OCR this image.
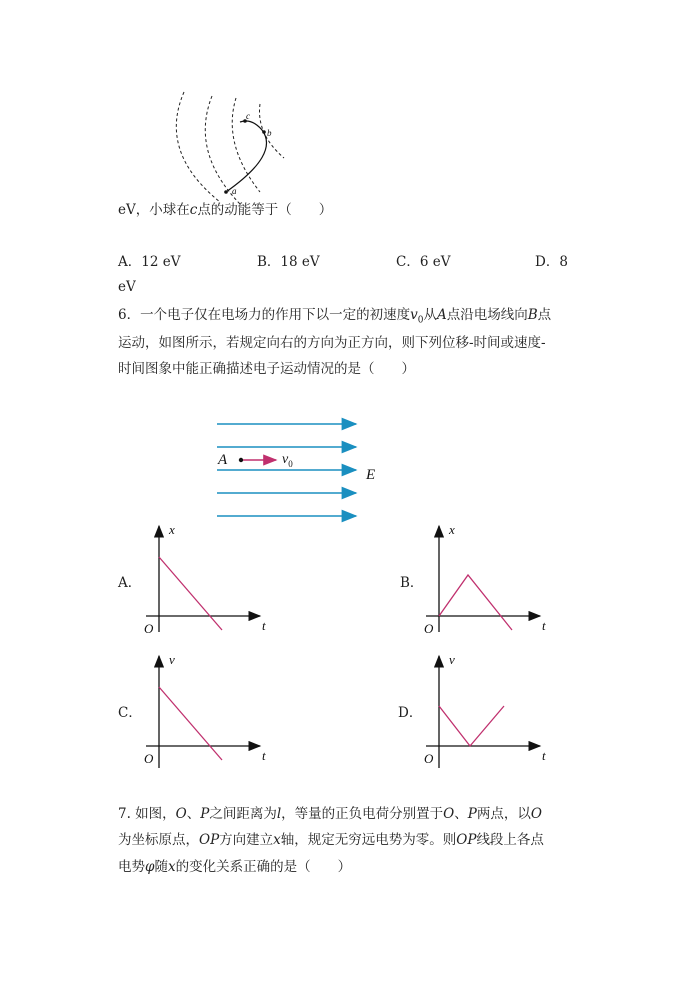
a
b
c
eV，小球在c点的动能等于（　　）
A．12 eV	B．18 eV	C．6 eV	D．8
eV
6．一个电子仅在电场力的作用下以一定的初速度$v_0$从A点沿电场线向B点
运动，如图所示，若规定向右的方向为正方向，则下列位移-时间或速度-
时间图象中能正确描述电子运动情况的是（　　）
A	$v_0$
E
A．
x
t
O
B．
x
t
O
C．
v
t
O
D．
v
t
O
7. 如图，O、P之间距离为l，等量的正负电荷分别置于O、P两点，以O
为坐标原点，OP方向建立x轴，规定无穷远电势为零。则OP线段上各点
电势φ随x的变化关系正确的是（　　）
